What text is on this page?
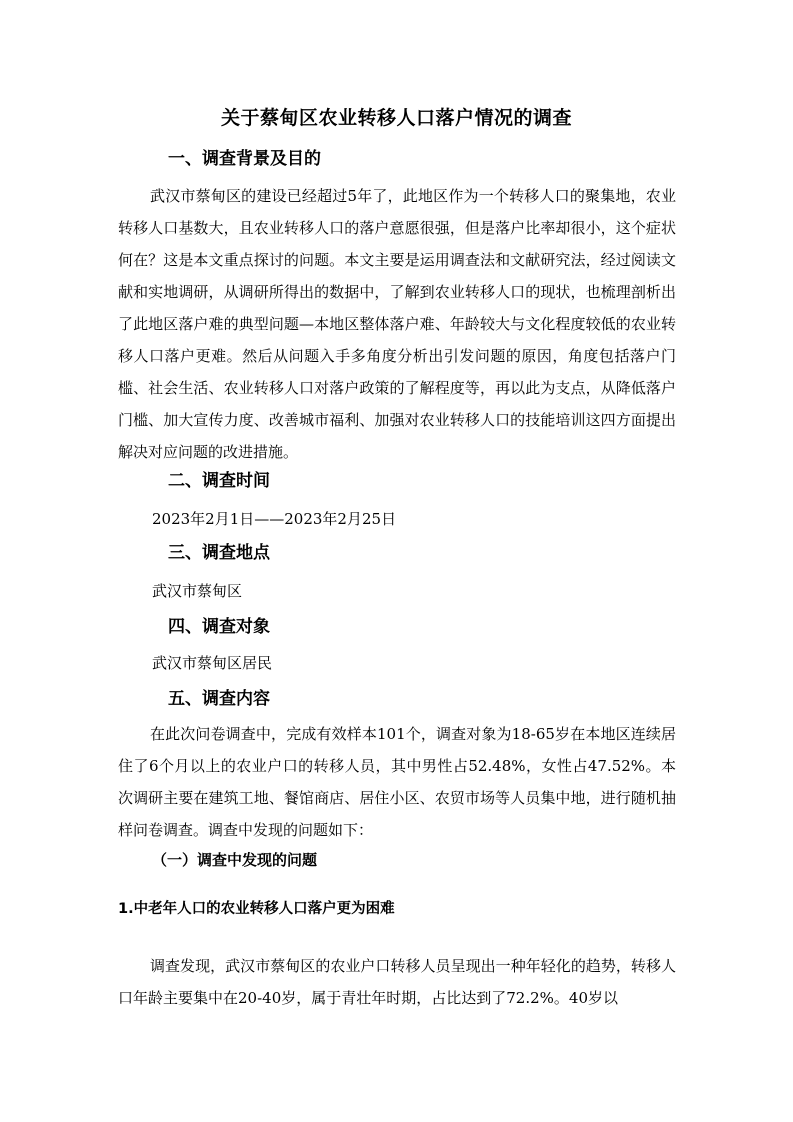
关于蔡甸区农业转移人口落户情况的调查
一、调查背景及目的
武汉市蔡甸区的建设已经超过5年了，此地区作为一个转移人口的聚集地，农业转移人口基数大，且农业转移人口的落户意愿很强，但是落户比率却很小，这个症状何在？这是本文重点探讨的问题。本文主要是运用调查法和文献研究法，经过阅读文献和实地调研，从调研所得出的数据中，了解到农业转移人口的现状，也梳理剖析出了此地区落户难的典型问题—本地区整体落户难、年龄较大与文化程度较低的农业转移人口落户更难。然后从问题入手多角度分析出引发问题的原因，角度包括落户门槛、社会生活、农业转移人口对落户政策的了解程度等，再以此为支点，从降低落户门槛、加大宣传力度、改善城市福利、加强对农业转移人口的技能培训这四方面提出解决对应问题的改进措施。
二、调查时间
2023年2月1日——2023年2月25日
三、调查地点
武汉市蔡甸区
四、调查对象
武汉市蔡甸区居民
五、调查内容
在此次问卷调查中，完成有效样本101个，调查对象为18-65岁在本地区连续居住了6个月以上的农业户口的转移人员，其中男性占52.48%，女性占47.52%。本次调研主要在建筑工地、餐馆商店、居住小区、农贸市场等人员集中地，进行随机抽样问卷调查。调查中发现的问题如下：
（一）调查中发现的问题
1.中老年人口的农业转移人口落户更为困难
调查发现，武汉市蔡甸区的农业户口转移人员呈现出一种年轻化的趋势，转移人口年龄主要集中在20-40岁，属于青壮年时期，占比达到了72.2%。40岁以
